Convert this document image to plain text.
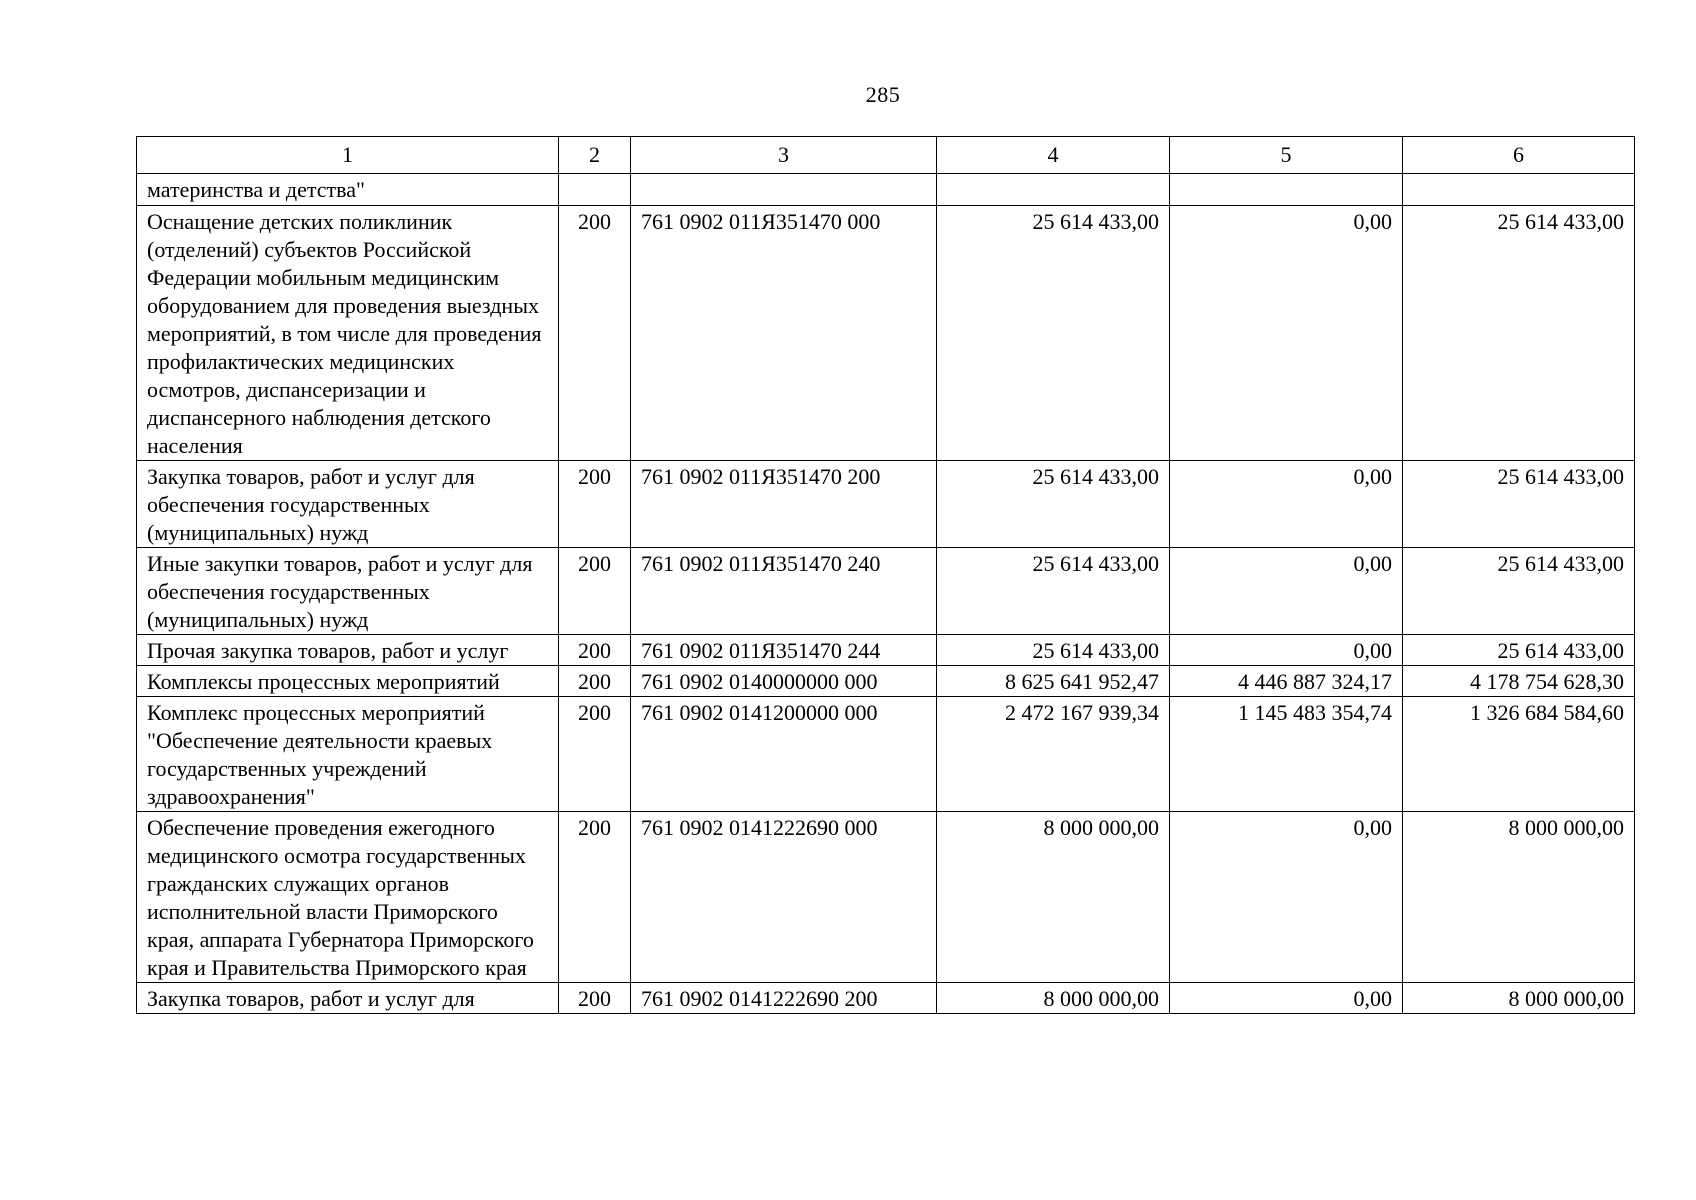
285
1	2	3	4	5	6
материнства и детства"					
Оснащение детских поликлиник (отделений) субъектов Российской Федерации мобильным медицинским оборудованием для проведения выездных мероприятий, в том числе для проведения профилактических медицинских осмотров, диспансеризации и диспансерного наблюдения детского населения	200	761 0902 011Я351470 000	25 614 433,00	0,00	25 614 433,00
Закупка товаров, работ и услуг для обеспечения государственных (муниципальных) нужд	200	761 0902 011Я351470 200	25 614 433,00	0,00	25 614 433,00
Иные закупки товаров, работ и услуг для обеспечения государственных (муниципальных) нужд	200	761 0902 011Я351470 240	25 614 433,00	0,00	25 614 433,00
Прочая закупка товаров, работ и услуг	200	761 0902 011Я351470 244	25 614 433,00	0,00	25 614 433,00
Комплексы процессных мероприятий	200	761 0902 0140000000 000	8 625 641 952,47	4 446 887 324,17	4 178 754 628,30
Комплекс процессных мероприятий "Обеспечение деятельности краевых государственных учреждений здравоохранения"	200	761 0902 0141200000 000	2 472 167 939,34	1 145 483 354,74	1 326 684 584,60
Обеспечение проведения ежегодного медицинского осмотра государственных гражданских служащих органов исполнительной власти Приморского края, аппарата Губернатора Приморского края и Правительства Приморского края	200	761 0902 0141222690 000	8 000 000,00	0,00	8 000 000,00
Закупка товаров, работ и услуг для	200	761 0902 0141222690 200	8 000 000,00	0,00	8 000 000,00
